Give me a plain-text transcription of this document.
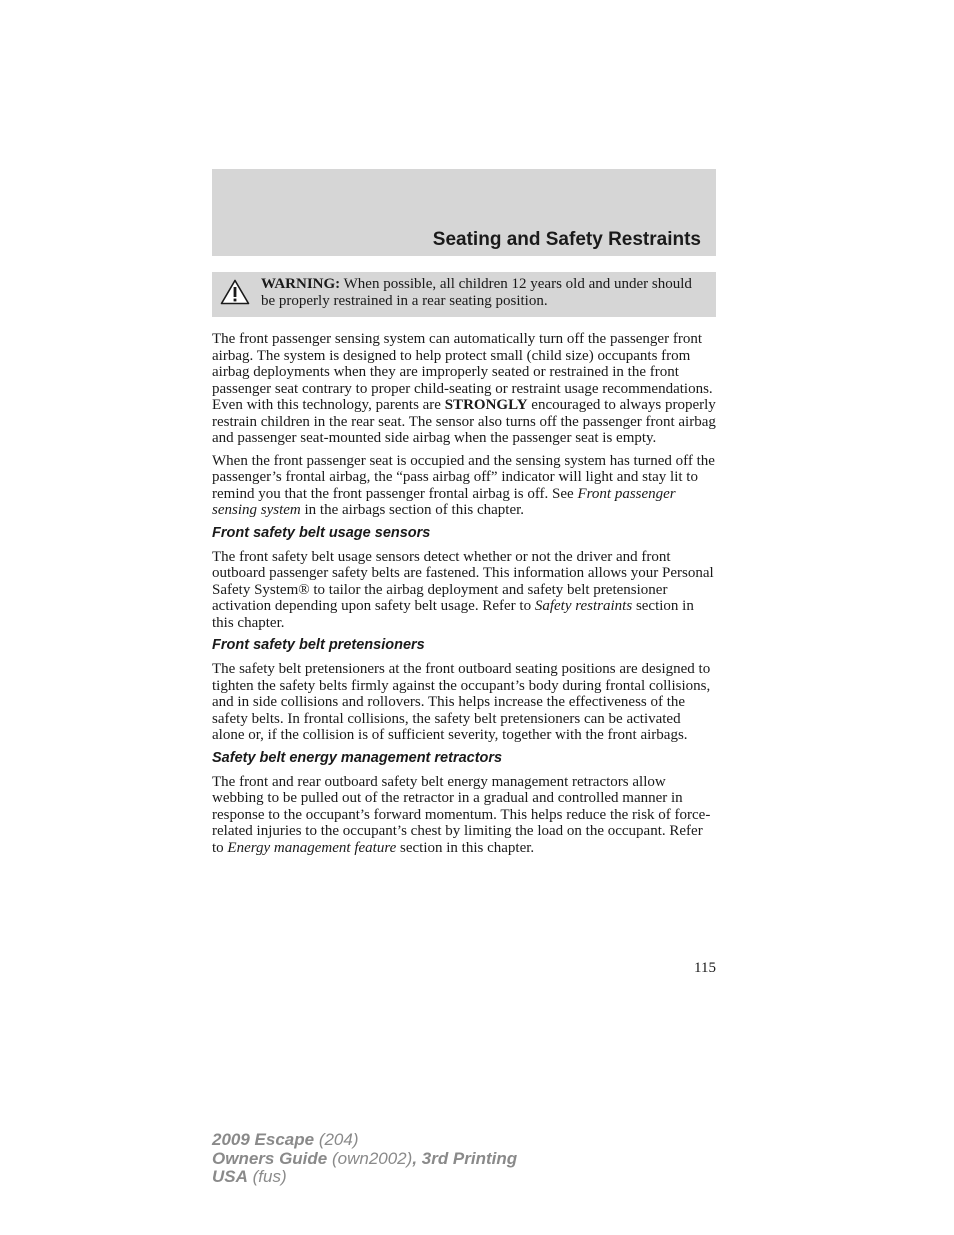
Seating and Safety Restraints
WARNING: When possible, all children 12 years old and under should be properly restrained in a rear seating position.

The front passenger sensing system can automatically turn off the passenger front airbag. The system is designed to help protect small (child size) occupants from airbag deployments when they are improperly seated or restrained in the front passenger seat contrary to proper child-seating or restraint usage recommendations. Even with this technology, parents are STRONGLY encouraged to always properly restrain children in the rear seat. The sensor also turns off the passenger front airbag and passenger seat-mounted side airbag when the passenger seat is empty.

When the front passenger seat is occupied and the sensing system has turned off the passenger’s frontal airbag, the “pass airbag off” indicator will light and stay lit to remind you that the front passenger frontal airbag is off. See Front passenger sensing system in the airbags section of this chapter.

Front safety belt usage sensors

The front safety belt usage sensors detect whether or not the driver and front outboard passenger safety belts are fastened. This information allows your Personal Safety System® to tailor the airbag deployment and safety belt pretensioner activation depending upon safety belt usage. Refer to Safety restraints section in this chapter.

Front safety belt pretensioners

The safety belt pretensioners at the front outboard seating positions are designed to tighten the safety belts firmly against the occupant’s body during frontal collisions, and in side collisions and rollovers. This helps increase the effectiveness of the safety belts. In frontal collisions, the safety belt pretensioners can be activated alone or, if the collision is of sufficient severity, together with the front airbags.

Safety belt energy management retractors

The front and rear outboard safety belt energy management retractors allow webbing to be pulled out of the retractor in a gradual and controlled manner in response to the occupant’s forward momentum. This helps reduce the risk of force-related injuries to the occupant’s chest by limiting the load on the occupant. Refer to Energy management feature section in this chapter.

115
2009 Escape (204)
Owners Guide (own2002), 3rd Printing
USA (fus)
